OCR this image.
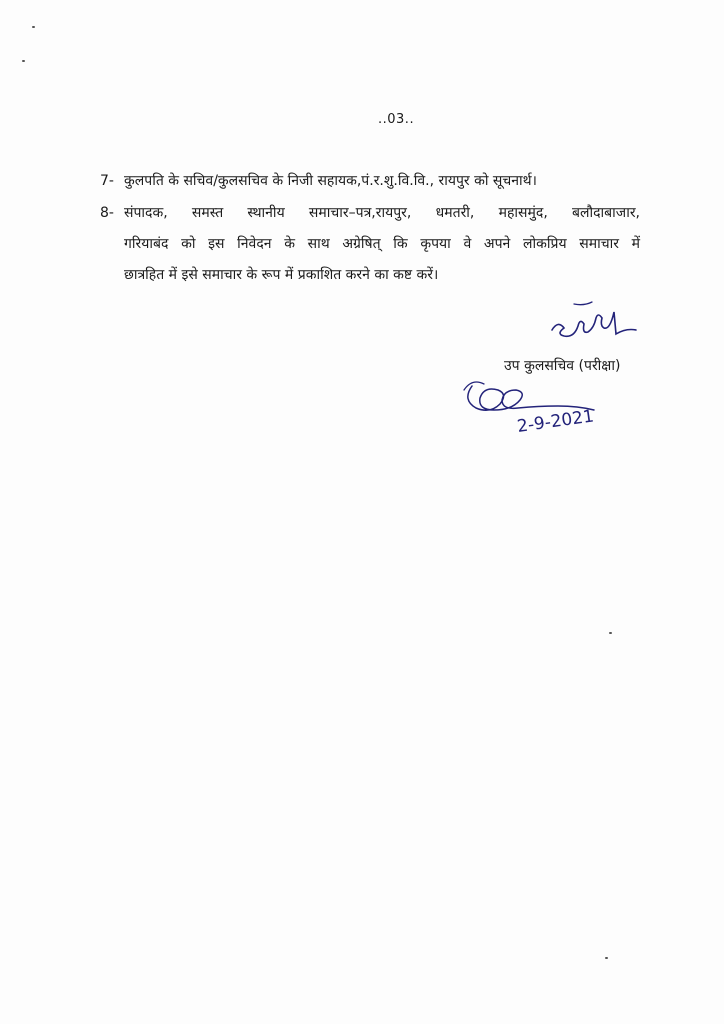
..03..
7- कुलपति के सचिव/कुलसचिव के निजी सहायक,पं.र.शु.वि.वि., रायपुर को सूचनार्थ।
8- संपादक, समस्त स्थानीय समाचार–पत्र,रायपुर, धमतरी, महासमुंद, बलौदाबाजार,
गरियाबंद को इस निवेदन के साथ अग्रेषित् कि कृपया वे अपने लोकप्रिय समाचार में
छात्रहित में इसे समाचार के रूप में प्रकाशित करने का कष्ट करें।
उप कुलसचिव (परीक्षा)
2-9-2021
